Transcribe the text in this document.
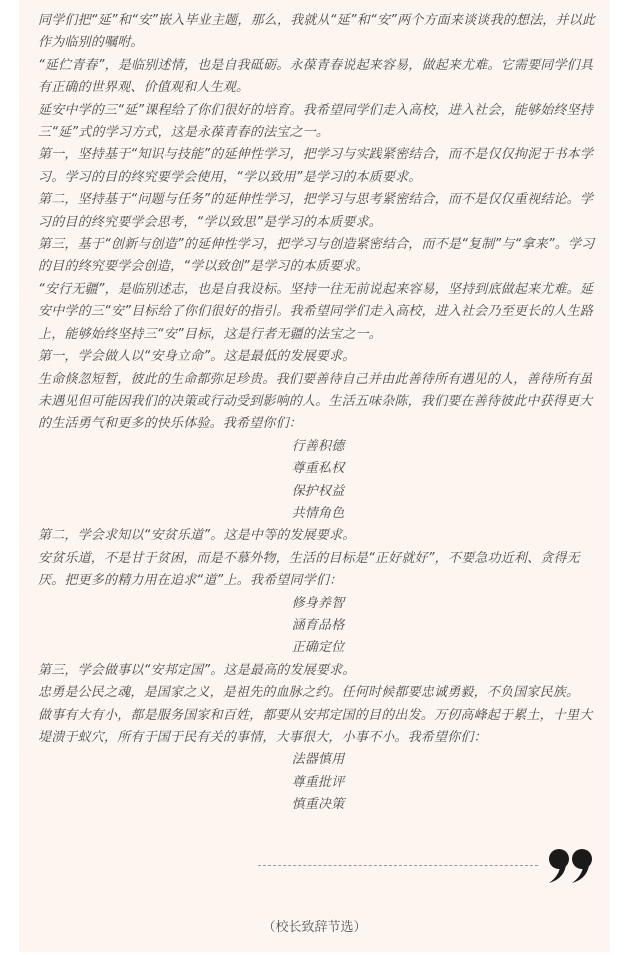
同学们把“延”和“安”嵌入毕业主题，那么，我就从“延”和“安”两个方面来谈谈我的想法，并以此作为临别的嘱咐。

“延伫青春”，是临别述情，也是自我砥砺。永葆青春说起来容易，做起来尤难。它需要同学们具有正确的世界观、价值观和人生观。

延安中学的三“延”课程给了你们很好的培育。我希望同学们走入高校，进入社会，能够始终坚持三“延”式的学习方式，这是永葆青春的法宝之一。

第一，坚持基于“知识与技能”的延伸性学习，把学习与实践紧密结合，而不是仅仅拘泥于书本学习。学习的目的终究要学会使用，“学以致用”是学习的本质要求。

第二，坚持基于“问题与任务”的延伸性学习，把学习与思考紧密结合，而不是仅仅重视结论。学习的目的终究要学会思考，“学以致思”是学习的本质要求。

第三，基于“创新与创造”的延伸性学习，把学习与创造紧密结合，而不是“复制”与“拿来”。学习的目的终究要学会创造，“学以致创”是学习的本质要求。

“安行无疆”，是临别述志，也是自我设标。坚持一往无前说起来容易，坚持到底做起来尤难。延安中学的三“安”目标给了你们很好的指引。我希望同学们走入高校，进入社会乃至更长的人生路上，能够始终坚持三“安”目标，这是行者无疆的法宝之一。

第一，学会做人以“安身立命”。这是最低的发展要求。

生命倏忽短暂，彼此的生命都弥足珍贵。我们要善待自己并由此善待所有遇见的人，善待所有虽未遇见但可能因我们的决策或行动受到影响的人。生活五味杂陈，我们要在善待彼此中获得更大的生活勇气和更多的快乐体验。我希望你们：

行善积德

尊重私权

保护权益

共情角色

第二，学会求知以“安贫乐道”。这是中等的发展要求。

安贫乐道，不是甘于贫困，而是不慕外物，生活的目标是“正好就好”，不要急功近利、贪得无厌。把更多的精力用在追求“道”上。我希望同学们：

修身养智

涵育品格

正确定位

第三，学会做事以“安邦定国”。这是最高的发展要求。

忠勇是公民之魂，是国家之义，是祖先的血脉之约。任何时候都要忠诚勇毅，不负国家民族。

做事有大有小，都是服务国家和百姓，都要从安邦定国的目的出发。万仞高峰起于累土，十里大堤溃于蚁穴，所有于国于民有关的事情，大事很大，小事不小。我希望你们：

法器慎用

尊重批评

慎重决策

（校长致辞节选）
